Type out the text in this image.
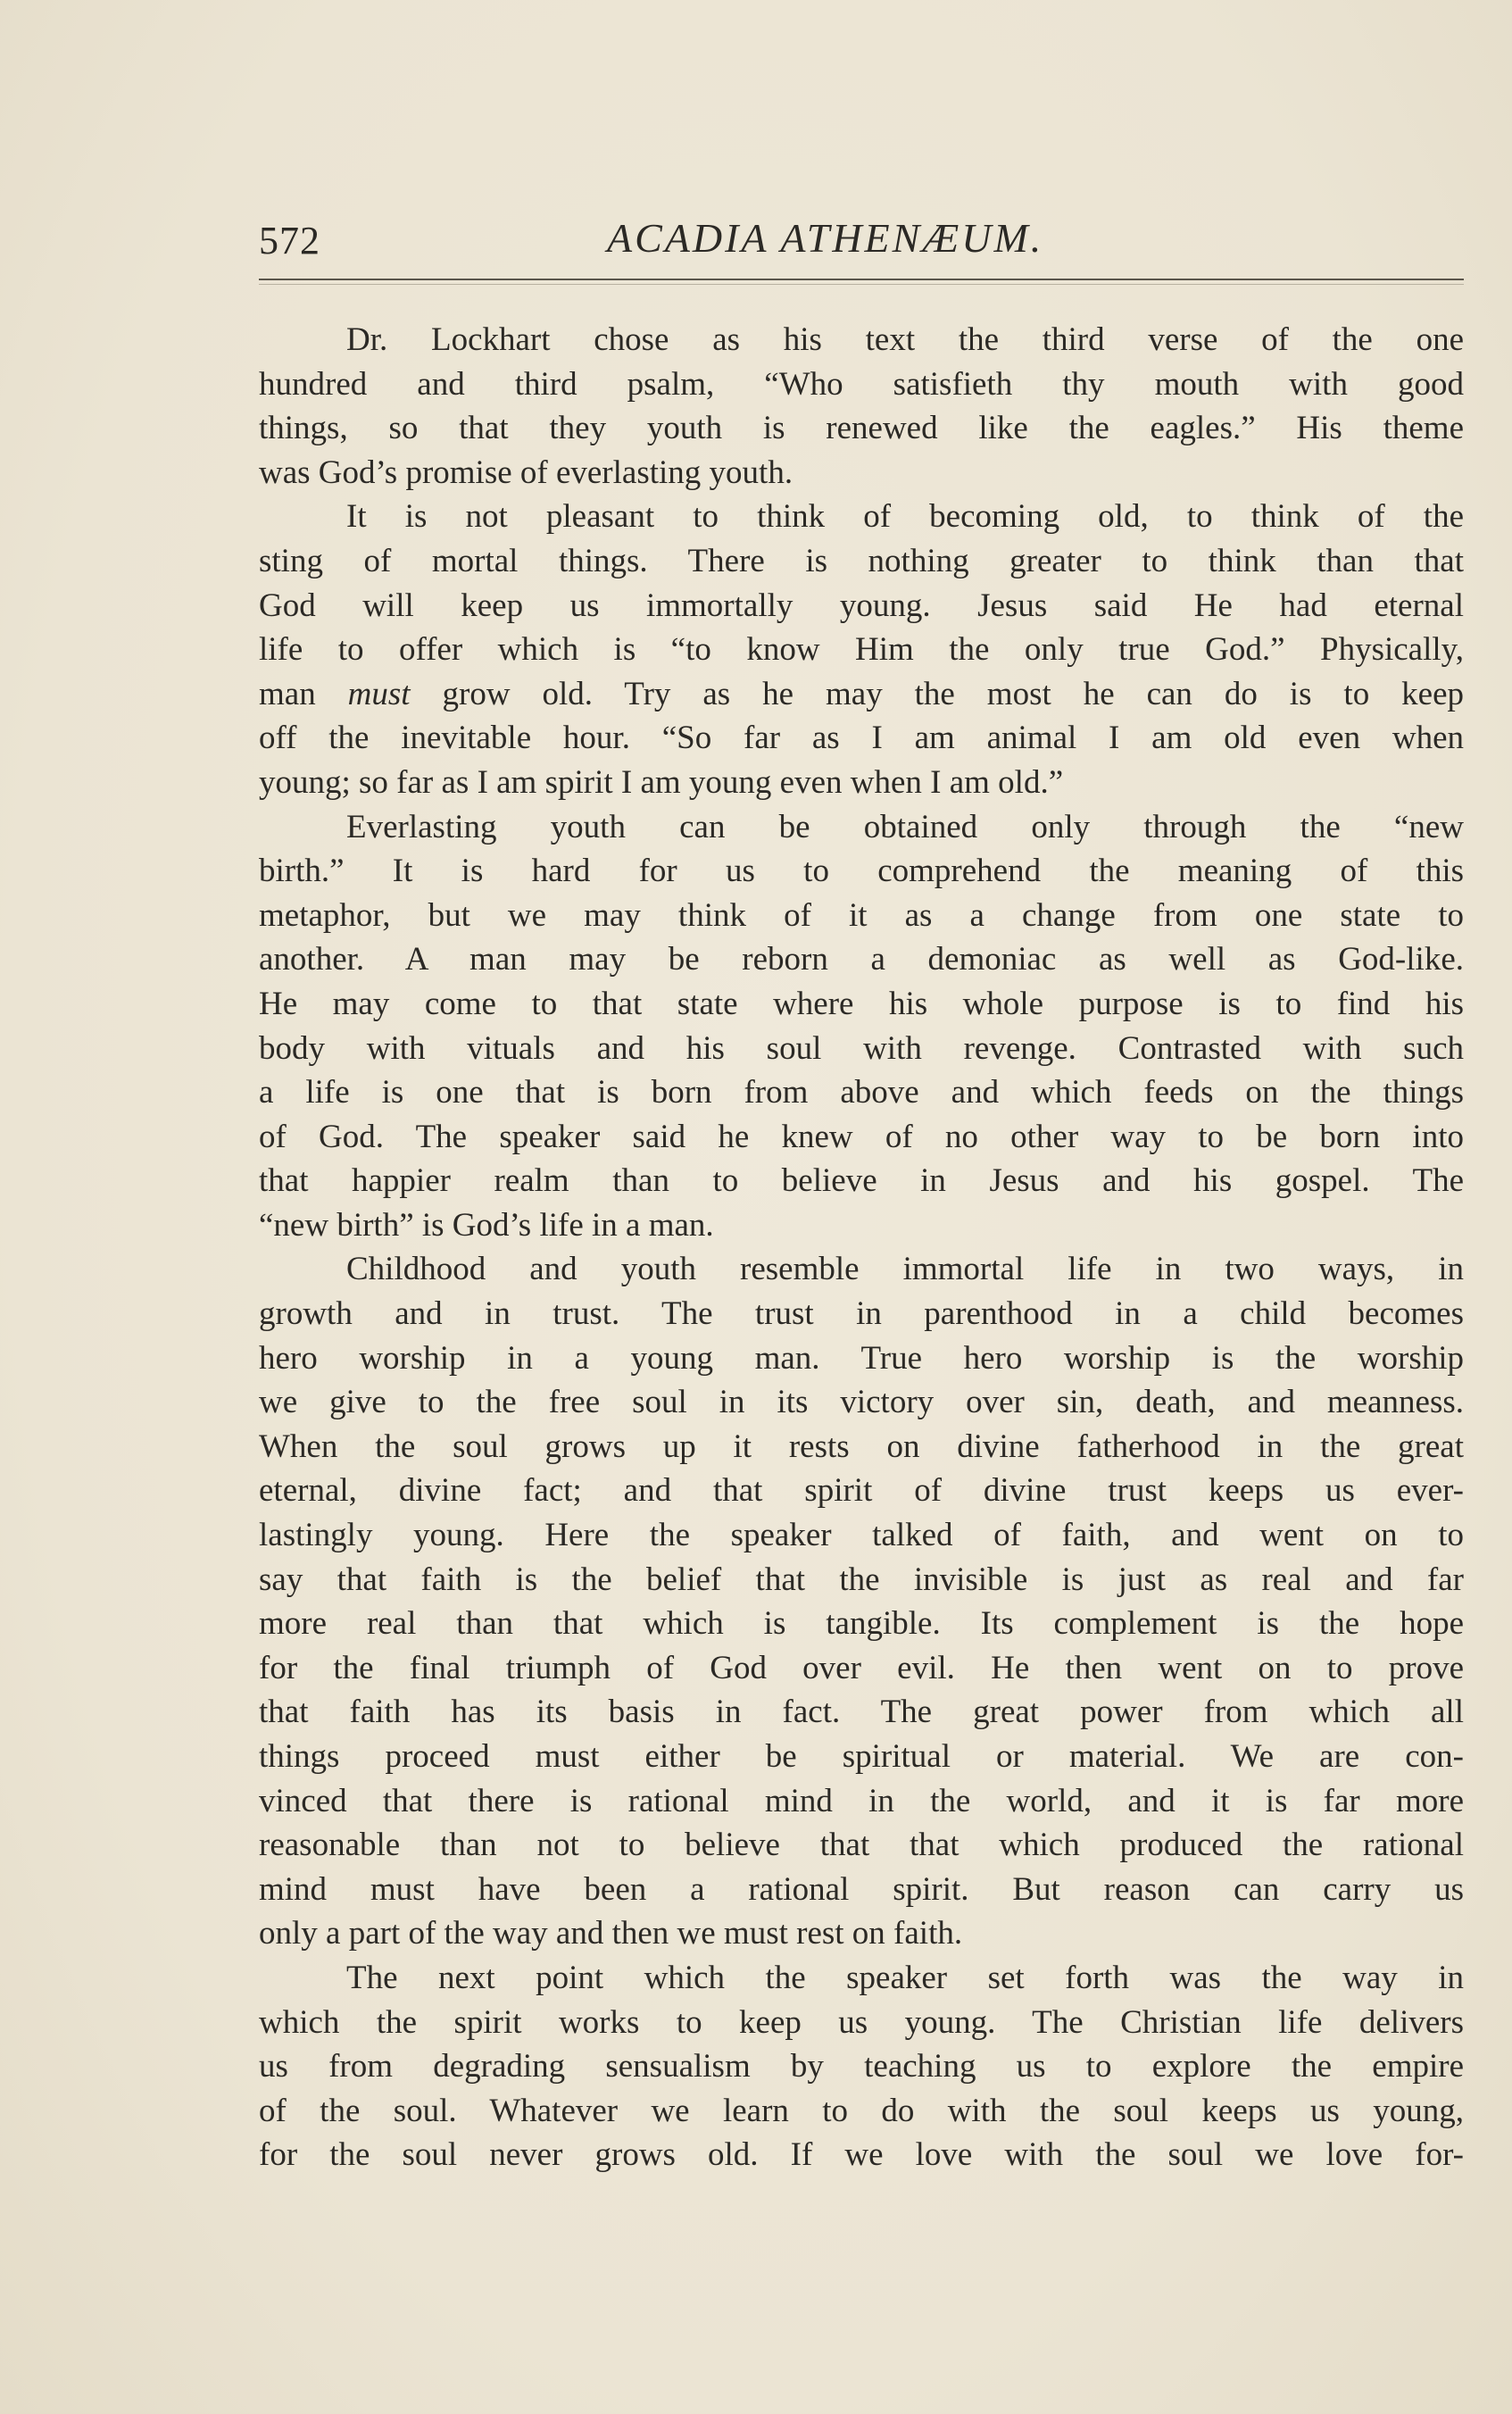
572	ACADIA ATHENÆUM.
Dr. Lockhart chose as his text the third verse of the one
hundred and third psalm, “Who satisfieth thy mouth with good
things, so that they youth is renewed like the eagles.” His theme
was God’s promise of everlasting youth.
It is not pleasant to think of becoming old, to think of the
sting of mortal things. There is nothing greater to think than that
God will keep us immortally young. Jesus said He had eternal
life to offer which is “to know Him the only true God.” Physically,
man must grow old. Try as he may the most he can do is to keep
off the inevitable hour. “So far as I am animal I am old even when
young; so far as I am spirit I am young even when I am old.”
Everlasting youth can be obtained only through the “new
birth.” It is hard for us to comprehend the meaning of this
metaphor, but we may think of it as a change from one state to
another. A man may be reborn a demoniac as well as God-like.
He may come to that state where his whole purpose is to find his
body with vituals and his soul with revenge. Contrasted with such
a life is one that is born from above and which feeds on the things
of God. The speaker said he knew of no other way to be born into
that happier realm than to believe in Jesus and his gospel. The
“new birth” is God’s life in a man.
Childhood and youth resemble immortal life in two ways, in
growth and in trust. The trust in parenthood in a child becomes
hero worship in a young man. True hero worship is the worship
we give to the free soul in its victory over sin, death, and meanness.
When the soul grows up it rests on divine fatherhood in the great
eternal, divine fact; and that spirit of divine trust keeps us ever-
lastingly young. Here the speaker talked of faith, and went on to
say that faith is the belief that the invisible is just as real and far
more real than that which is tangible. Its complement is the hope
for the final triumph of God over evil. He then went on to prove
that faith has its basis in fact. The great power from which all
things proceed must either be spiritual or material. We are con-
vinced that there is rational mind in the world, and it is far more
reasonable than not to believe that that which produced the rational
mind must have been a rational spirit. But reason can carry us
only a part of the way and then we must rest on faith.
The next point which the speaker set forth was the way in
which the spirit works to keep us young. The Christian life delivers
us from degrading sensualism by teaching us to explore the empire
of the soul. Whatever we learn to do with the soul keeps us young,
for the soul never grows old. If we love with the soul we love for-
